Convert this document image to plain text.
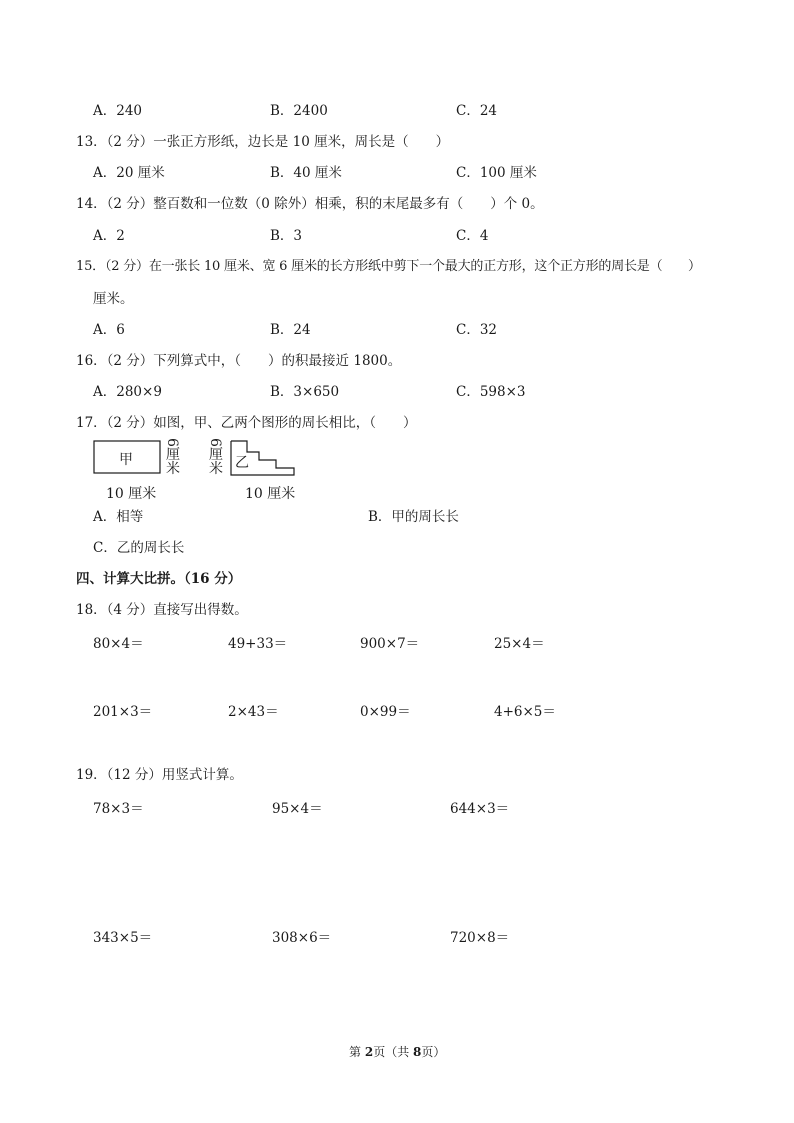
A．240	B．2400	C．24
13．（2 分）一张正方形纸，边长是 10 厘米，周长是（　　）
A．20 厘米	B．40 厘米	C．100 厘米
14．（2 分）整百数和一位数（0 除外）相乘，积的末尾最多有（　　）个 0。
A．2	B．3	C．4
15．（2 分）在一张长 10 厘米、宽 6 厘米的长方形纸中剪下一个最大的正方形，这个正方形的周长是（　　）
厘米。
A．6	B．24	C．32
16．（2 分）下列算式中，（　　）的积最接近 1800。
A．280×9	B．3×650	C．598×3
17．（2 分）如图，甲、乙两个图形的周长相比，（　　）
甲 6厘米
10 厘米
6厘米 乙
10 厘米
A．相等	B．甲的周长长
C．乙的周长长
四、计算大比拼。（16 分）
18．（4 分）直接写出得数。
80×4＝	49+33＝	900×7＝	25×4＝
201×3＝	2×43＝	0×99＝	4+6×5＝
19．（12 分）用竖式计算。
78×3＝	95×4＝	644×3＝
343×5＝	308×6＝	720×8＝
第 2页（共 8页）
